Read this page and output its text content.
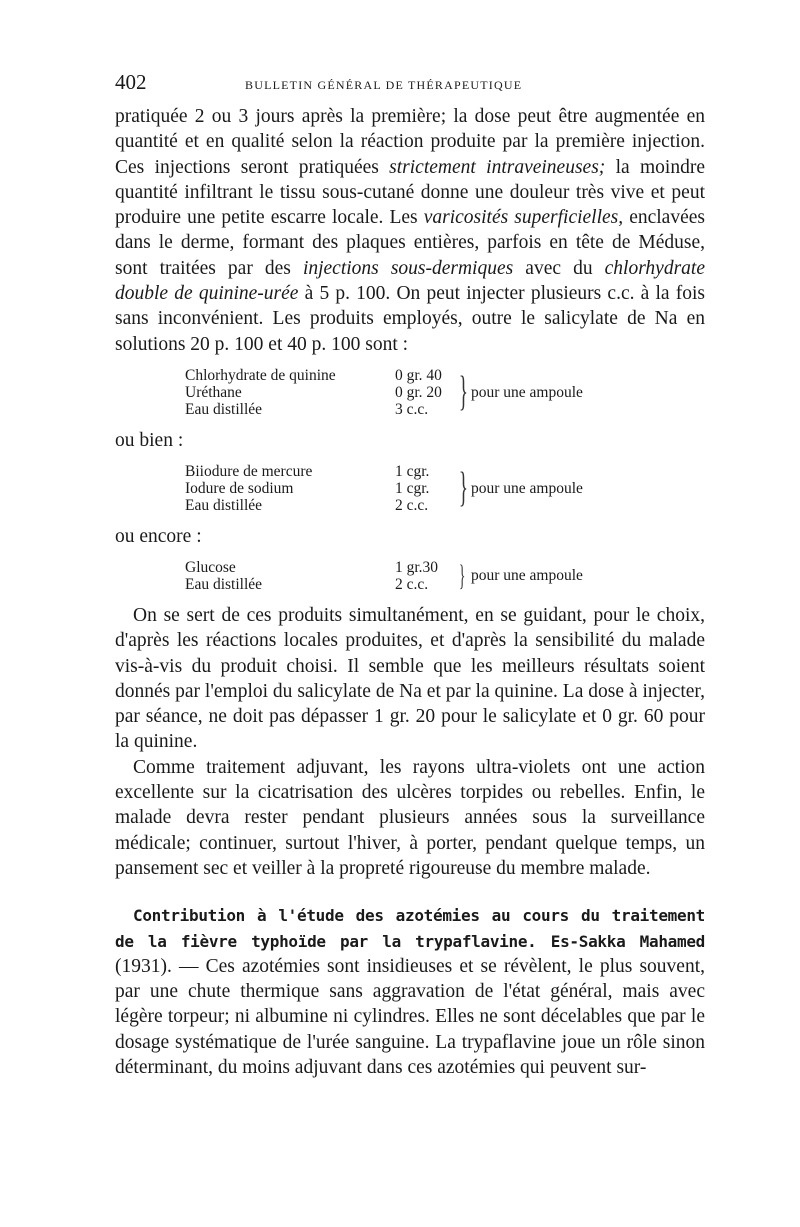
402	BULLETIN GÉNÉRAL DE THÉRAPEUTIQUE

pratiquée 2 ou 3 jours après la première; la dose peut être augmentée en quantité et en qualité selon la réaction produite par la première injection. Ces injections seront pratiquées strictement intraveineuses; la moindre quantité infiltrant le tissu sous-cutané donne une douleur très vive et peut produire une petite escarre locale. Les varicosités superficielles, enclavées dans le derme, formant des plaques entières, parfois en tête de Méduse, sont traitées par des injections sous-dermiques avec du chlorhydrate double de quinine-urée à 5 p. 100. On peut injecter plusieurs c.c. à la fois sans inconvénient. Les produits employés, outre le salicylate de Na en solutions 20 p. 100 et 40 p. 100 sont :

Chlorhydrate de quinine
Uréthane
Eau distillée
0 gr. 40
0 gr. 20
3 c.c. } pour une ampoule
ou bien :
Biiodure de mercure
Iodure de sodium
Eau distillée
1 cgr.
1 cgr.
2 c.c. } pour une ampoule
ou encore :
Glucose
Eau distillée
1 gr.30
2 c.c.	} pour une ampoule

On se sert de ces produits simultanément, en se guidant, pour le choix, d'après les réactions locales produites, et d'après la sensibilité du malade vis-à-vis du produit choisi. Il semble que les meilleurs résultats soient donnés par l'emploi du salicylate de Na et par la quinine. La dose à injecter, par séance, ne doit pas dépasser 1 gr. 20 pour le salicylate et 0 gr. 60 pour la quinine.

Comme traitement adjuvant, les rayons ultra-violets ont une action excellente sur la cicatrisation des ulcères torpides ou rebelles. Enfin, le malade devra rester pendant plusieurs années sous la surveillance médicale; continuer, surtout l'hiver, à porter, pendant quelque temps, un pansement sec et veiller à la propreté rigoureuse du membre malade.

Contribution à l'étude des azotémies au cours du traitement de la fièvre typhoïde par la trypaflavine. Es-Sakka Mahamed (1931). — Ces azotémies sont insidieuses et se révèlent, le plus souvent, par une chute thermique sans aggravation de l'état général, mais avec légère torpeur; ni albumine ni cylindres. Elles ne sont décelables que par le dosage systématique de l'urée sanguine. La trypaflavine joue un rôle sinon déterminant, du moins adjuvant dans ces azotémies qui peuvent sur-
